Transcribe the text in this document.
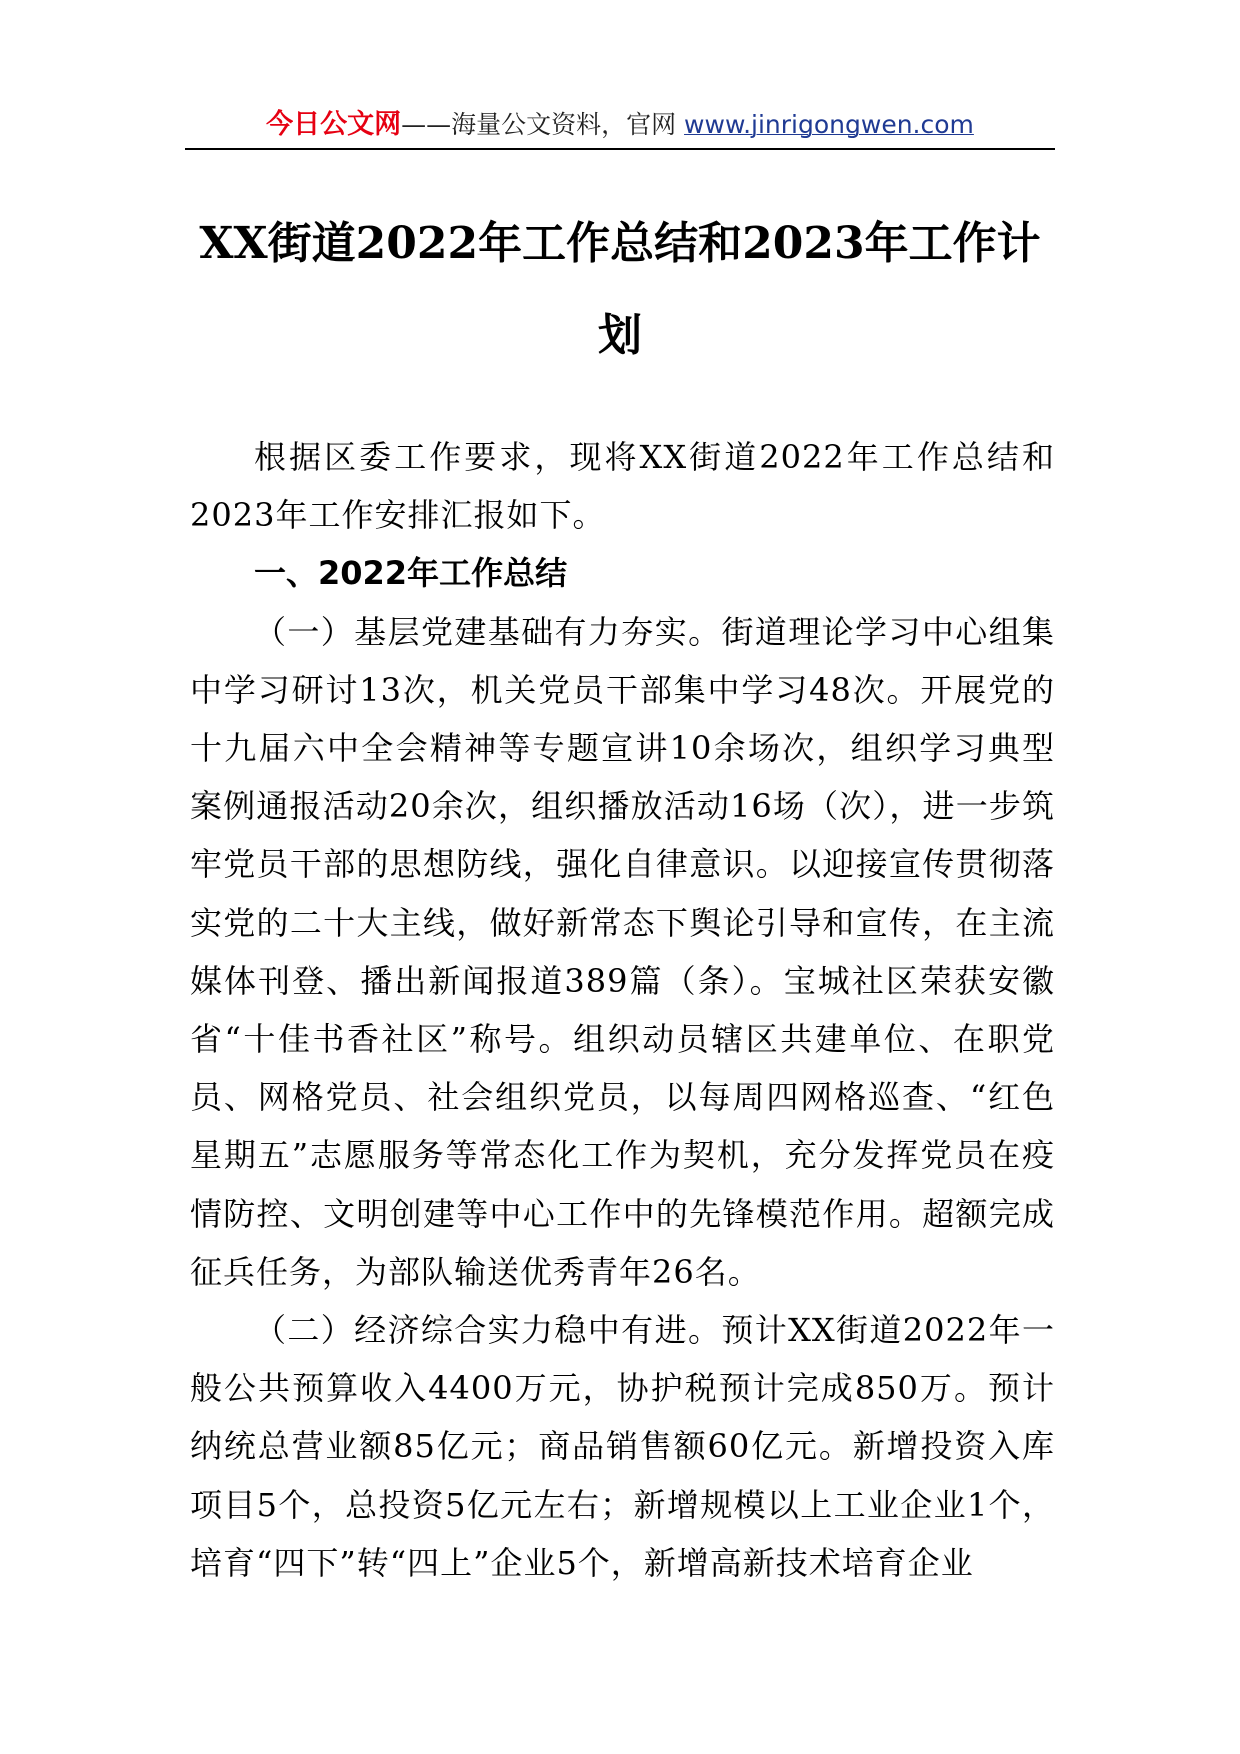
今日公文网——海量公文资料，官网 www.jinrigongwen.com
XX街道2022年工作总结和2023年工作计划

根据区委工作要求，现将XX街道2022年工作总结和2023年工作安排汇报如下。

一、2022年工作总结

（一）基层党建基础有力夯实。街道理论学习中心组集中学习研讨13次，机关党员干部集中学习48次。开展党的十九届六中全会精神等专题宣讲10余场次，组织学习典型案例通报活动20余次，组织播放活动16场（次），进一步筑牢党员干部的思想防线，强化自律意识。以迎接宣传贯彻落实党的二十大主线，做好新常态下舆论引导和宣传，在主流媒体刊登、播出新闻报道389篇（条）。宝城社区荣获安徽省“十佳书香社区”称号。组织动员辖区共建单位、在职党员、网格党员、社会组织党员，以每周四网格巡查、“红色星期五”志愿服务等常态化工作为契机，充分发挥党员在疫情防控、文明创建等中心工作中的先锋模范作用。超额完成征兵任务，为部队输送优秀青年26名。

（二）经济综合实力稳中有进。预计XX街道2022年一般公共预算收入4400万元，协护税预计完成850万。预计纳统总营业额85亿元；商品销售额60亿元。新增投资入库项目5个，总投资5亿元左右；新增规模以上工业企业1个，培育“四下”转“四上”企业5个，新增高新技术培育企业
